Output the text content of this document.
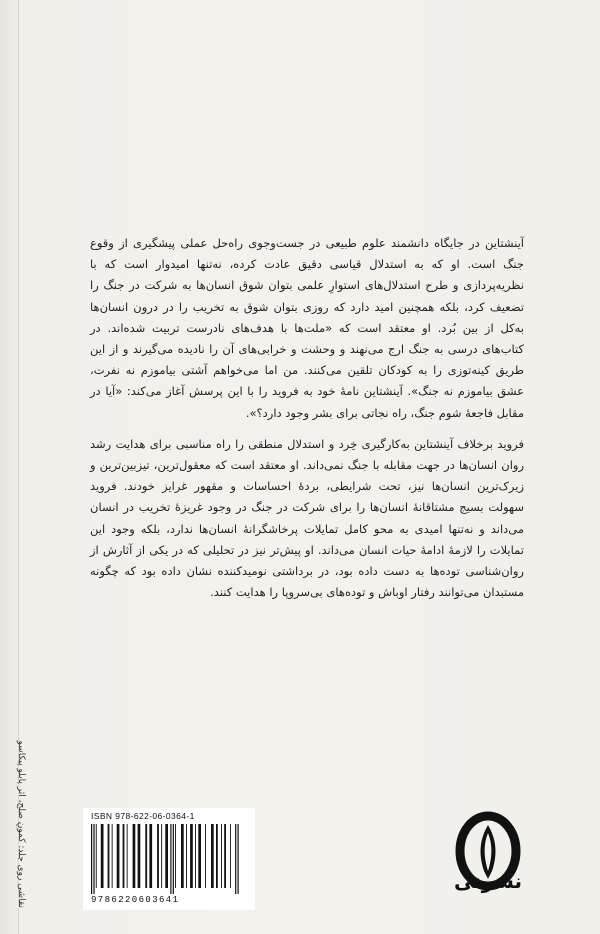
آینشتاین در جایگاه دانشمند علوم طبیعی در جست‌وجوی راه‌حل عملی پیشگیری از وقوع جنگ است. او که به استدلال قیاسی دقیق عادت کرده، نه‌تنها امیدوار است که با نظریه‌پردازی و طرح استدلال‌های استوارِ علمی بتوان شوق انسان‌ها به شرکت در جنگ را تضعیف کرد، بلکه همچنین امید دارد که روزی بتوان شوق به تخریب را در درون انسان‌ها به‌کل از بین بُرد. او معتقد است که «ملت‌ها با هدف‌های نادرست تربیت شده‌اند. در کتاب‌های درسی به جنگ ارج می‌نهند و وحشت و خرابی‌های آن را نادیده می‌گیرند و از این طریق کینه‌توزی را به کودکان تلقین می‌کنند. من اما می‌خواهم آشتی بیاموزم نه نفرت، عشق بیاموزم نه جنگ». آینشتاین نامهٔ خود به فروید را با این پرسش آغاز می‌کند: «آیا در مقابل فاجعهٔ شوم جنگ، راه نجاتی برای بشر وجود دارد؟».

فروید برخلاف آینشتاین به‌کارگیری خِرد و استدلال منطقی را راه مناسبی برای هدایت رشد روان انسان‌ها در جهت مقابله با جنگ نمی‌داند. او معتقد است که معقول‌ترین، تیزبین‌ترین و زیرک‌ترین انسان‌ها نیز، تحت شرایطی، بردهٔ احساسات و مقهور غرایز خودند. فروید سهولت بسیج مشتاقانهٔ انسان‌ها را برای شرکت در جنگ در وجود غریزهٔ تخریب در انسان می‌داند و نه‌تنها امیدی به محو کامل تمایلات پرخاشگرانهٔ انسان‌ها ندارد، بلکه وجود این تمایلات را لازمهٔ ادامهٔ حیات انسان می‌داند. او پیش‌تر نیز در تحلیلی که در یکی از آثارش از روان‌شناسی توده‌ها به دست داده بود، در برداشتی نومیدکننده نشان داده بود که چگونه مستبدان می‌توانند رفتار اوباش و توده‌های بی‌سروپا را هدایت کنند.

نقاشی روی جلد: کمونِ صلح، اثر پابلو پیکاسو	ISBN 978-622-06-0364-1
9786220603641
نشرنی
